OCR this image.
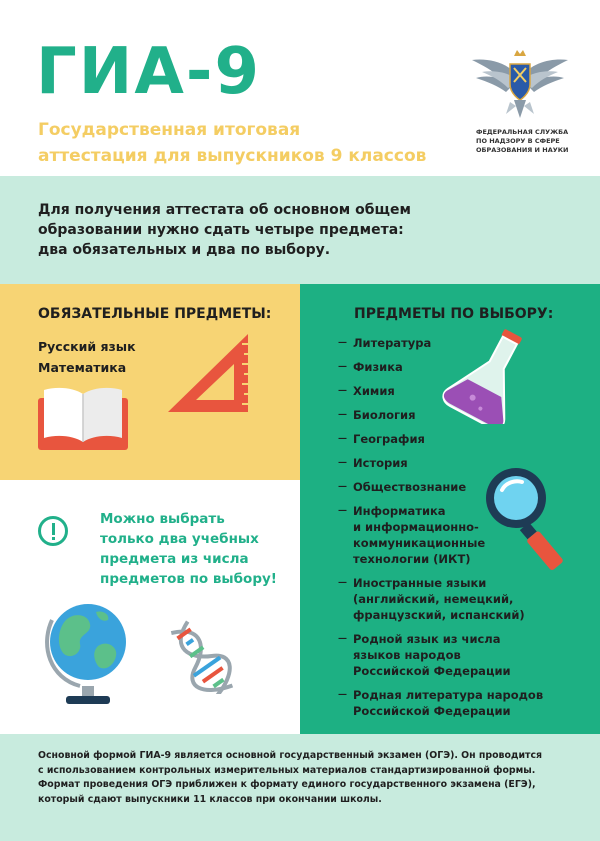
ГИА-9
Государственная итоговая
аттестация для выпускников 9 классов
ФЕДЕРАЛЬНАЯ СЛУЖБА
ПО НАДЗОРУ В СФЕРЕ
ОБРАЗОВАНИЯ И НАУКИ
Для получения аттестата об основном общем
образовании нужно сдать четыре предмета:
два обязательных и два по выбору.
ОБЯЗАТЕЛЬНЫЕ ПРЕДМЕТЫ:
Русский язык
Математика
ПРЕДМЕТЫ ПО ВЫБОРУ:
— Литература
— Физика
— Химия
— Биология
— География
— История
— Обществознание
— Информатика
и информационно-
коммуникационные
технологии (ИКТ)
— Иностранные языки
(английский, немецкий,
французский, испанский)
— Родной язык из числа
языков народов
Российской Федерации
— Родная литература народов
Российской Федерации
Можно выбрать
только два учебных
предмета из числа
предметов по выбору!
Основной формой ГИА-9 является основной государственный экзамен (ОГЭ). Он проводится
с использованием контрольных измерительных материалов стандартизированной формы.
Формат проведения ОГЭ приближен к формату единого государственного экзамена (ЕГЭ),
который сдают выпускники 11 классов при окончании школы.
